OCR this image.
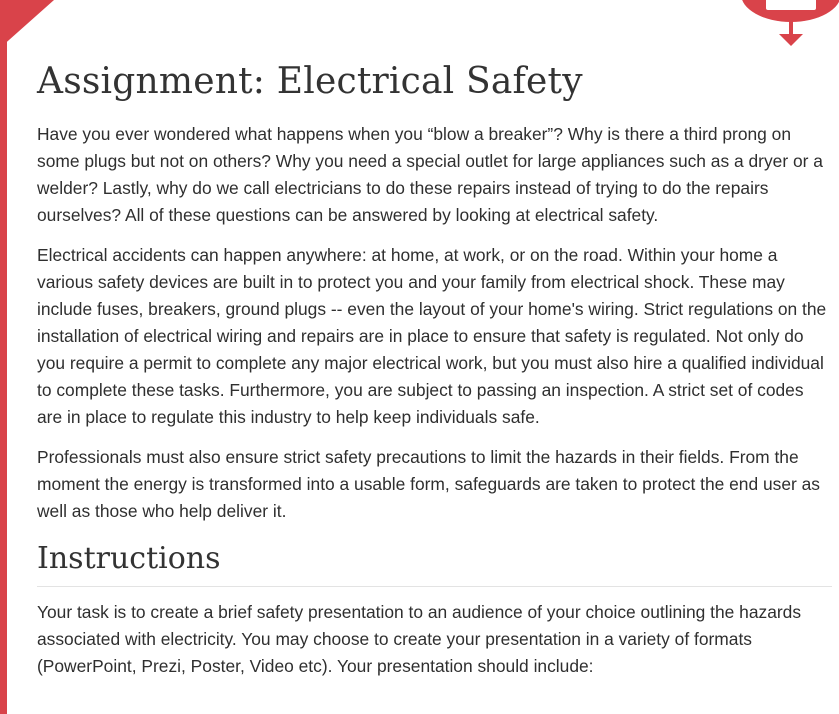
Assignment: Electrical Safety

Have you ever wondered what happens when you “blow a breaker”? Why is there a third prong on some plugs but not on others? Why you need a special outlet for large appliances such as a dryer or a welder? Lastly, why do we call electricians to do these repairs instead of trying to do the repairs ourselves? All of these questions can be answered by looking at electrical safety.

Electrical accidents can happen anywhere: at home, at work, or on the road. Within your home a various safety devices are built in to protect you and your family from electrical shock. These may include fuses, breakers, ground plugs -- even the layout of your home's wiring. Strict regulations on the installation of electrical wiring and repairs are in place to ensure that safety is regulated. Not only do you require a permit to complete any major electrical work, but you must also hire a qualified individual to complete these tasks. Furthermore, you are subject to passing an inspection. A strict set of codes are in place to regulate this industry to help keep individuals safe.

Professionals must also ensure strict safety precautions to limit the hazards in their fields. From the moment the energy is transformed into a usable form, safeguards are taken to protect the end user as well as those who help deliver it.

Instructions

Your task is to create a brief safety presentation to an audience of your choice outlining the hazards associated with electricity. You may choose to create your presentation in a variety of formats (PowerPoint, Prezi, Poster, Video etc). Your presentation should include:
